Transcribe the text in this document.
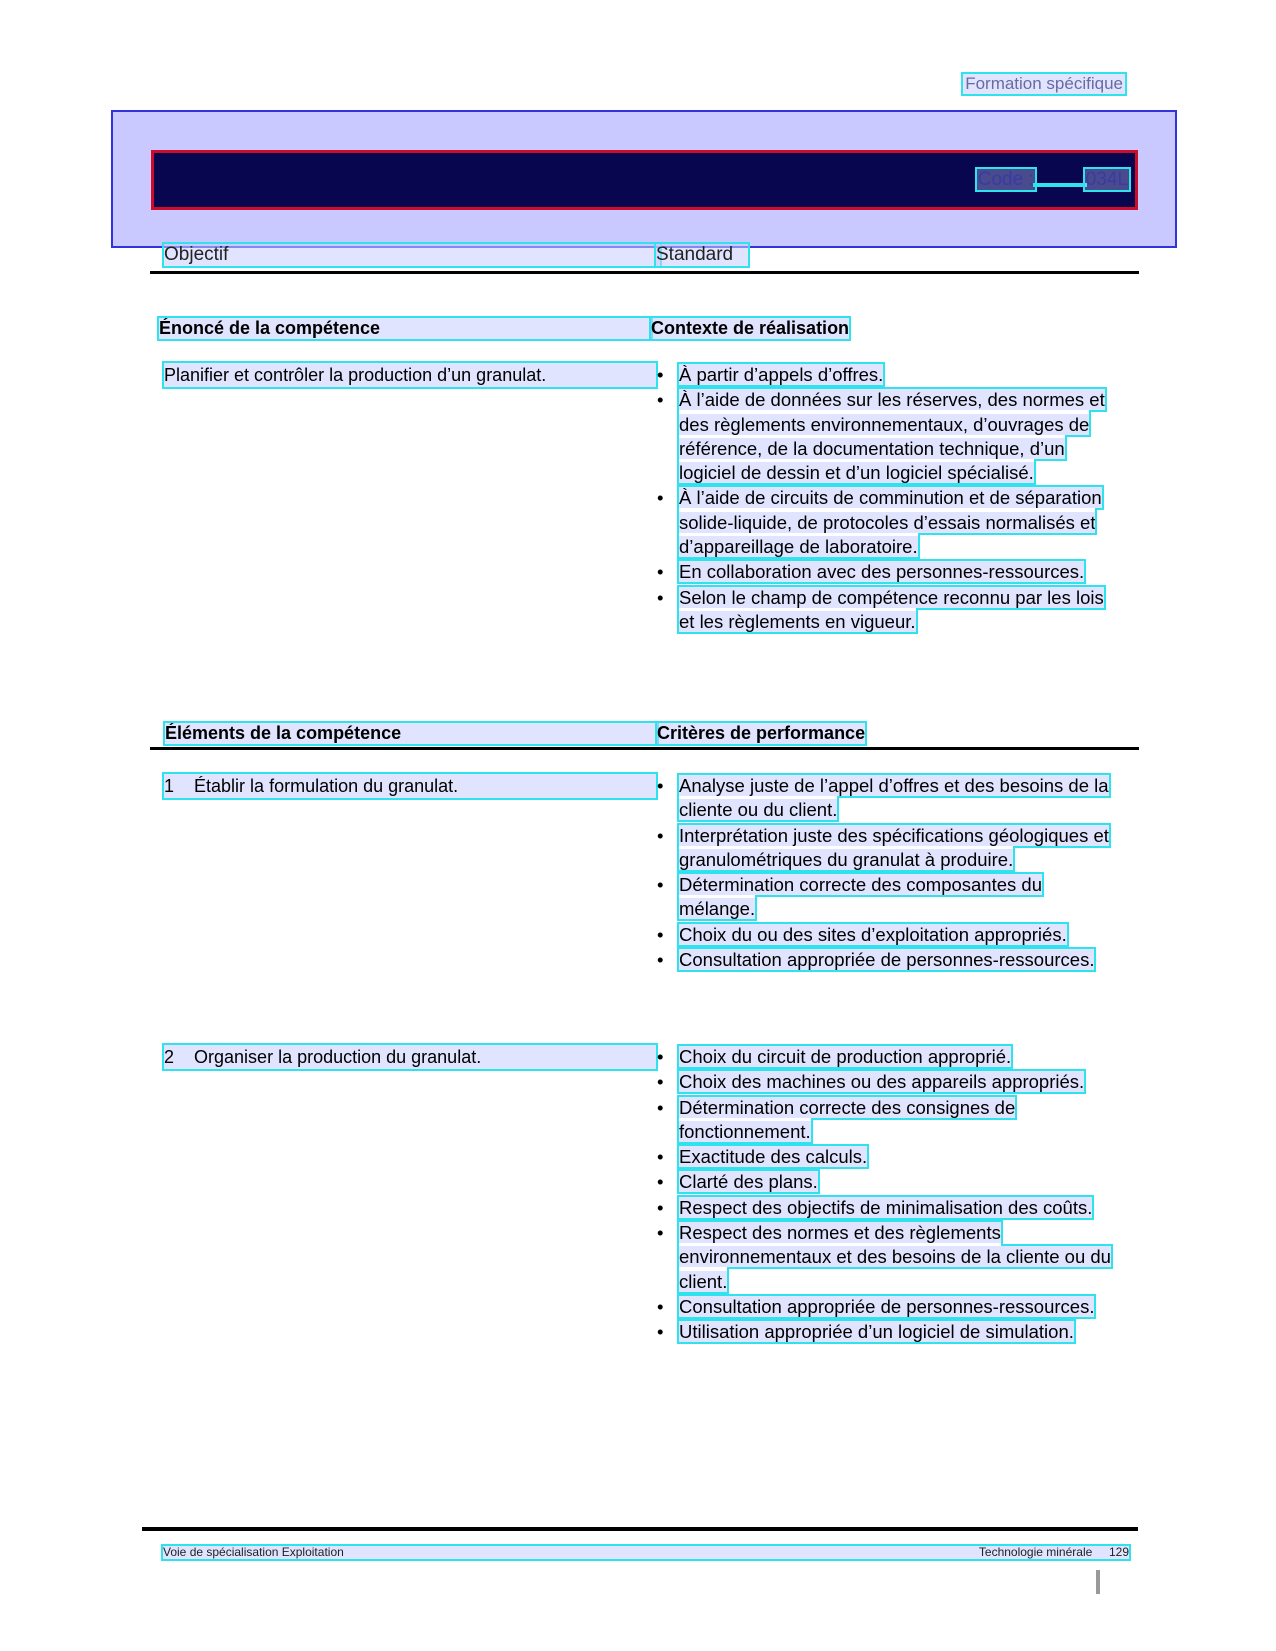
Formation spécifique
Code :	034L
Objectif	Standard
Énoncé de la compétence	Contexte de réalisation
Planifier et contrôler la production d’un granulat.	• À partir d’appels d’offres.
• À l’aide de données sur les réserves, des normes et des règlements environnementaux, d’ouvrages de référence, de la documentation technique, d’un logiciel de dessin et d’un logiciel spécialisé.
• À l’aide de circuits de comminution et de séparation solide-liquide, de protocoles d’essais normalisés et d’appareillage de laboratoire.
• En collaboration avec des personnes-ressources.
• Selon le champ de compétence reconnu par les lois et les règlements en vigueur.
Éléments de la compétence	Critères de performance
1 Établir la formulation du granulat.	• Analyse juste de l’appel d’offres et des besoins de la cliente ou du client.
• Interprétation juste des spécifications géologiques et granulométriques du granulat à produire.
• Détermination correcte des composantes du mélange.
• Choix du ou des sites d’exploitation appropriés.
• Consultation appropriée de personnes-ressources.
2 Organiser la production du granulat.	• Choix du circuit de production approprié.
• Choix des machines ou des appareils appropriés.
• Détermination correcte des consignes de fonctionnement.
• Exactitude des calculs.
• Clarté des plans.
• Respect des objectifs de minimalisation des coûts.
• Respect des normes et des règlements environnementaux et des besoins de la cliente ou du client.
• Consultation appropriée de personnes-ressources.
• Utilisation appropriée d’un logiciel de simulation.
Voie de spécialisation Exploitation	Technologie minérale 129
